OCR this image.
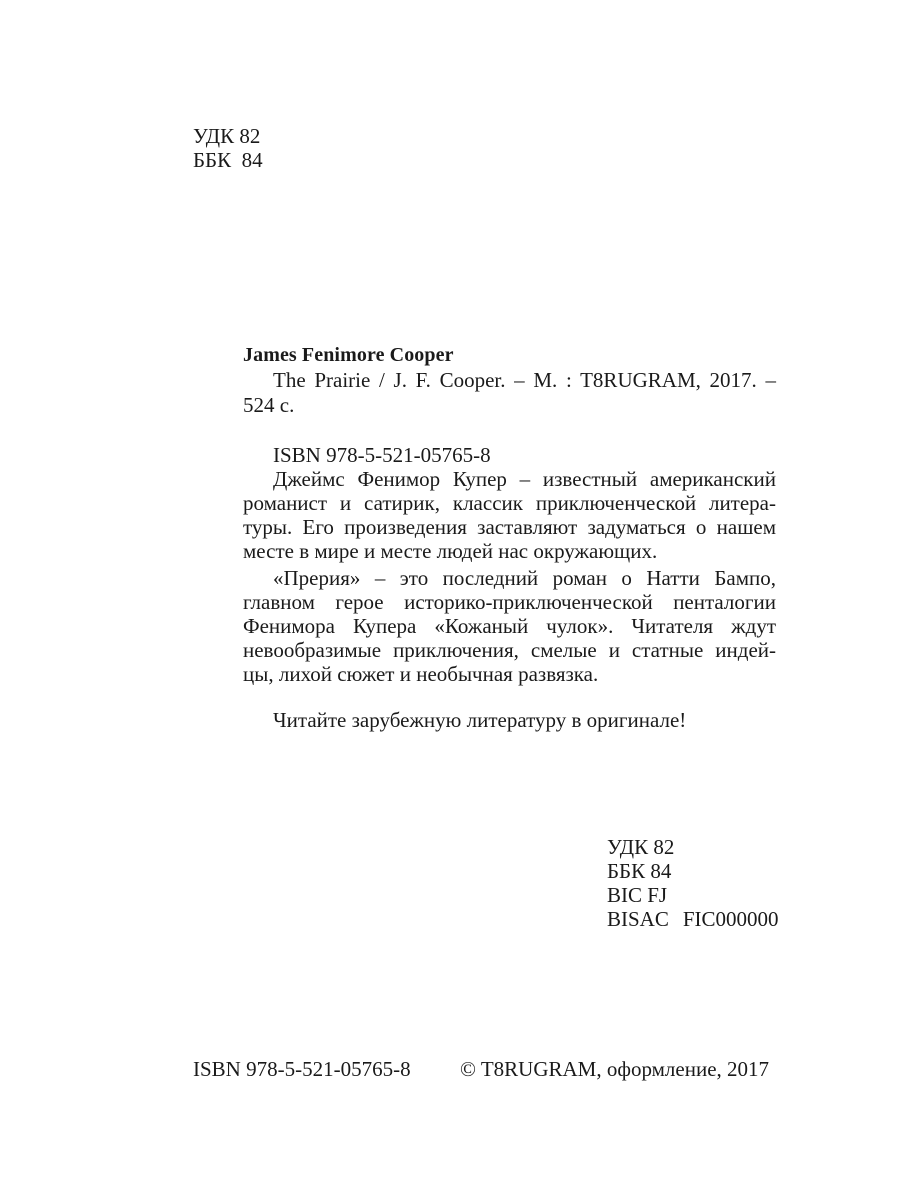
УДК 82
ББК  84
James Fenimore Cooper
The Prairie / J. F. Cooper. – M. : T8RUGRAM, 2017. –
524 c.
ISBN 978-5-521-05765-8
Джеймс Фенимор Купер – известный американский
романист и сатирик, классик приключенческой литера-
туры. Его произведения заставляют задуматься о нашем
месте в мире и месте людей нас окружающих.
«Прерия» – это последний роман о Натти Бампо,
главном герое историко-приключенческой пенталогии
Фенимора Купера «Кожаный чулок». Читателя ждут
невообразимые приключения, смелые и статные индей-
цы, лихой сюжет и необычная развязка.
Читайте зарубежную литературу в оригинале!
УДК 82
ББК 84
BIC FJ
BISAC FIC000000
ISBN 978-5-521-05765-8 © T8RUGRAM, оформление, 2017
